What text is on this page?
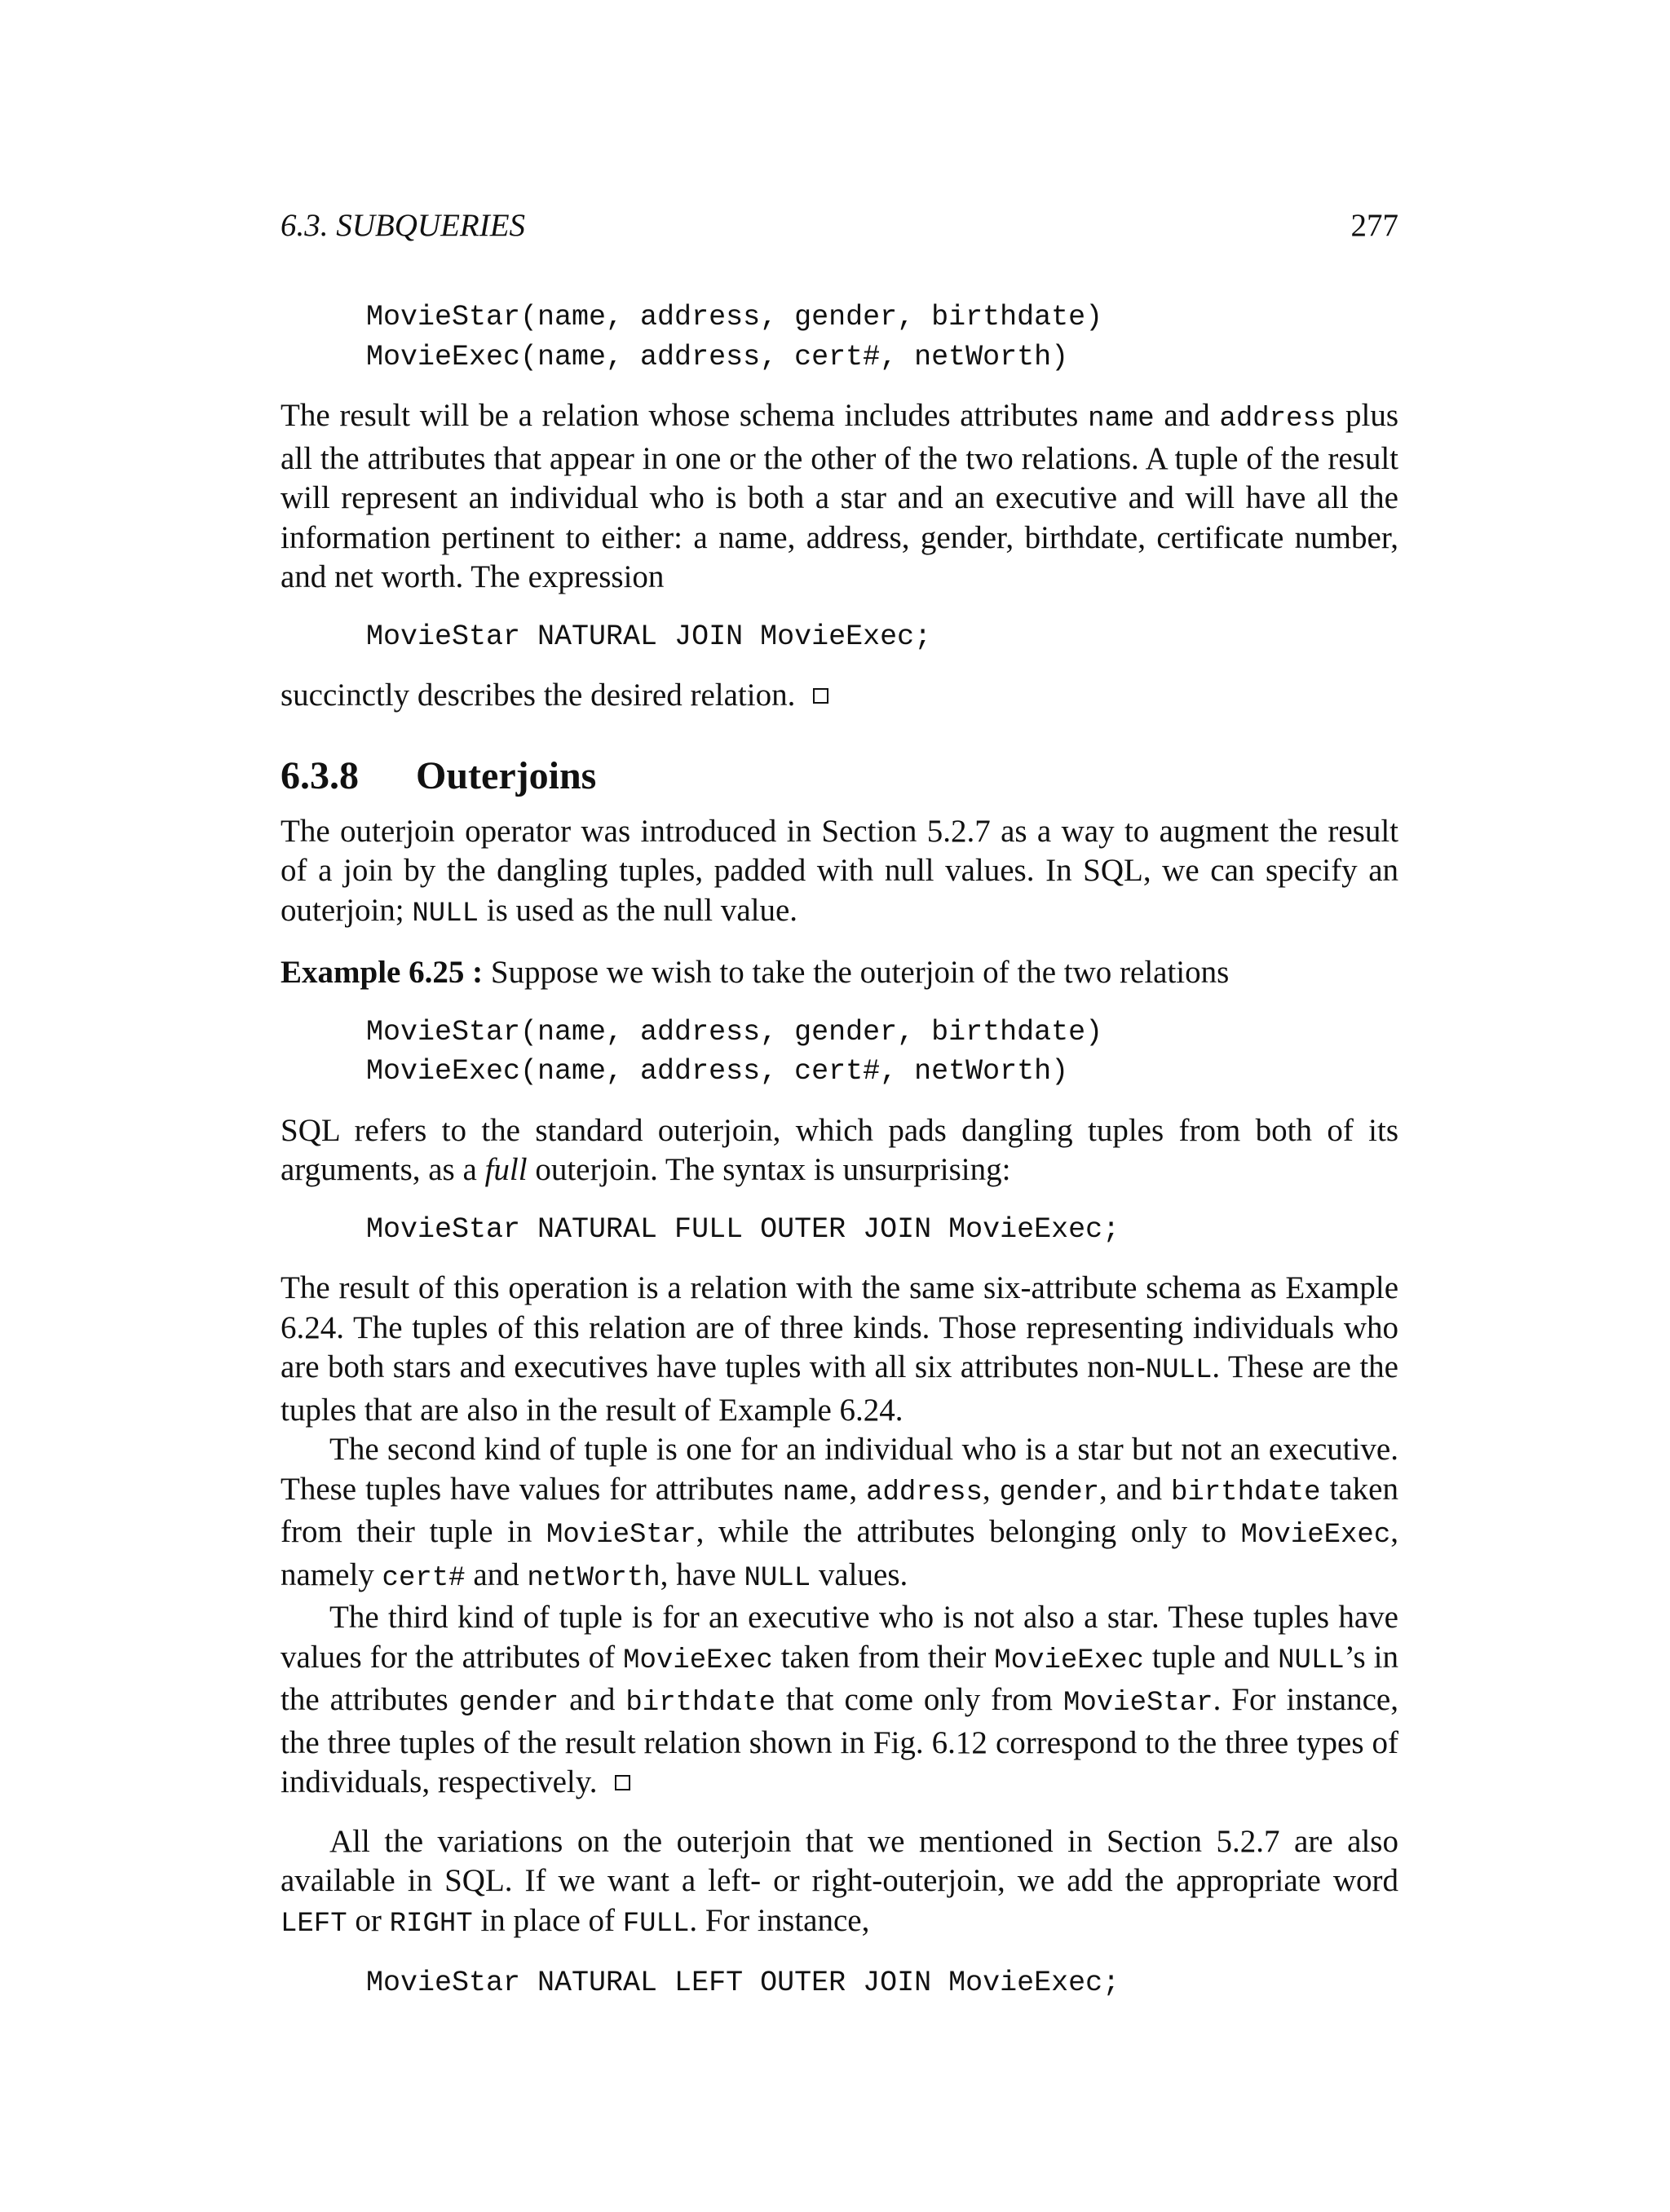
6.3. SUBQUERIES	277
MovieStar(name, address, gender, birthdate)
MovieExec(name, address, cert#, netWorth)

The result will be a relation whose schema includes attributes name and address plus all the attributes that appear in one or the other of the two relations. A tuple of the result will represent an individual who is both a star and an executive and will have all the information pertinent to either: a name, address, gender, birthdate, certificate number, and net worth. The expression

MovieStar NATURAL JOIN MovieExec;

succinctly describes the desired relation.

6.3.8 Outerjoins

The outerjoin operator was introduced in Section 5.2.7 as a way to augment the result of a join by the dangling tuples, padded with null values. In SQL, we can specify an outerjoin; NULL is used as the null value.

Example 6.25 : Suppose we wish to take the outerjoin of the two relations

MovieStar(name, address, gender, birthdate)
MovieExec(name, address, cert#, netWorth)

SQL refers to the standard outerjoin, which pads dangling tuples from both of its arguments, as a full outerjoin. The syntax is unsurprising:

MovieStar NATURAL FULL OUTER JOIN MovieExec;

The result of this operation is a relation with the same six-attribute schema as Example 6.24. The tuples of this relation are of three kinds. Those representing individuals who are both stars and executives have tuples with all six attributes non-NULL. These are the tuples that are also in the result of Example 6.24.

The second kind of tuple is one for an individual who is a star but not an executive. These tuples have values for attributes name, address, gender, and birthdate taken from their tuple in MovieStar, while the attributes belonging only to MovieExec, namely cert# and netWorth, have NULL values.

The third kind of tuple is for an executive who is not also a star. These tuples have values for the attributes of MovieExec taken from their MovieExec tuple and NULL’s in the attributes gender and birthdate that come only from MovieStar. For instance, the three tuples of the result relation shown in Fig. 6.12 correspond to the three types of individuals, respectively.

All the variations on the outerjoin that we mentioned in Section 5.2.7 are also available in SQL. If we want a left- or right-outerjoin, we add the appropriate word LEFT or RIGHT in place of FULL. For instance,

MovieStar NATURAL LEFT OUTER JOIN MovieExec;
